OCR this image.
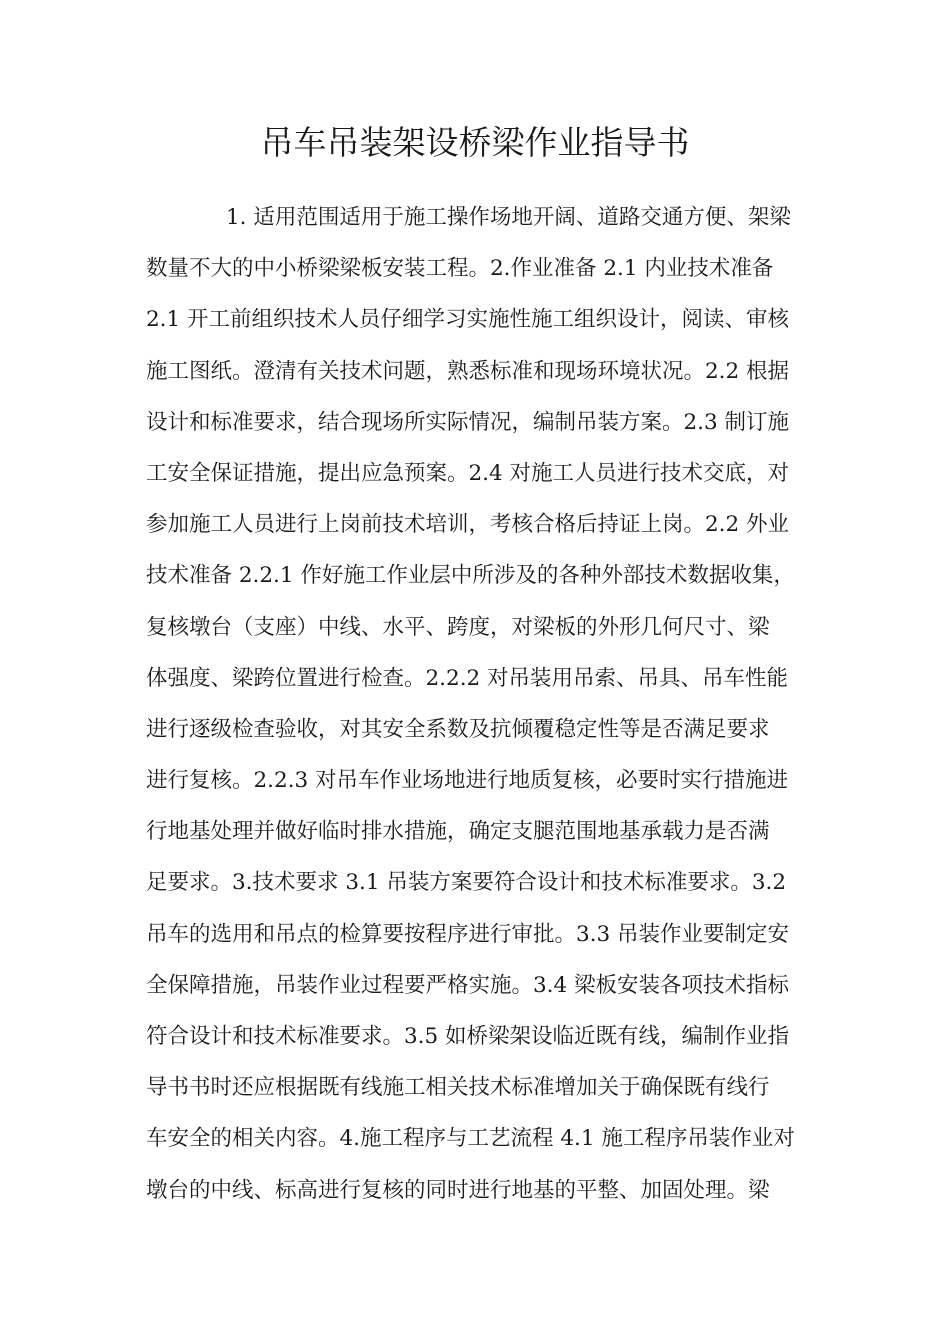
吊车吊装架设桥梁作业指导书
1. 适用范围适用于施工操作场地开阔、道路交通方便、架梁
数量不大的中小桥梁梁板安装工程。2.作业准备 2.1 内业技术准备
2.1 开工前组织技术人员仔细学习实施性施工组织设计，阅读、审核
施工图纸。澄清有关技术问题，熟悉标准和现场环境状况。2.2 根据
设计和标准要求，结合现场所实际情况，编制吊装方案。2.3 制订施
工安全保证措施，提出应急预案。2.4 对施工人员进行技术交底，对
参加施工人员进行上岗前技术培训，考核合格后持证上岗。2.2 外业
技术准备 2.2.1 作好施工作业层中所涉及的各种外部技术数据收集，
复核墩台（支座）中线、水平、跨度，对梁板的外形几何尺寸、梁
体强度、梁跨位置进行检查。2.2.2 对吊装用吊索、吊具、吊车性能
进行逐级检查验收，对其安全系数及抗倾覆稳定性等是否满足要求
进行复核。2.2.3 对吊车作业场地进行地质复核，必要时实行措施进
行地基处理并做好临时排水措施，确定支腿范围地基承载力是否满
足要求。3.技术要求 3.1 吊装方案要符合设计和技术标准要求。3.2
吊车的选用和吊点的检算要按程序进行审批。3.3 吊装作业要制定安
全保障措施，吊装作业过程要严格实施。3.4 梁板安装各项技术指标
符合设计和技术标准要求。3.5 如桥梁架设临近既有线，编制作业指
导书书时还应根据既有线施工相关技术标准增加关于确保既有线行
车安全的相关内容。4.施工程序与工艺流程 4.1 施工程序吊装作业对
墩台的中线、标高进行复核的同时进行地基的平整、加固处理。梁
